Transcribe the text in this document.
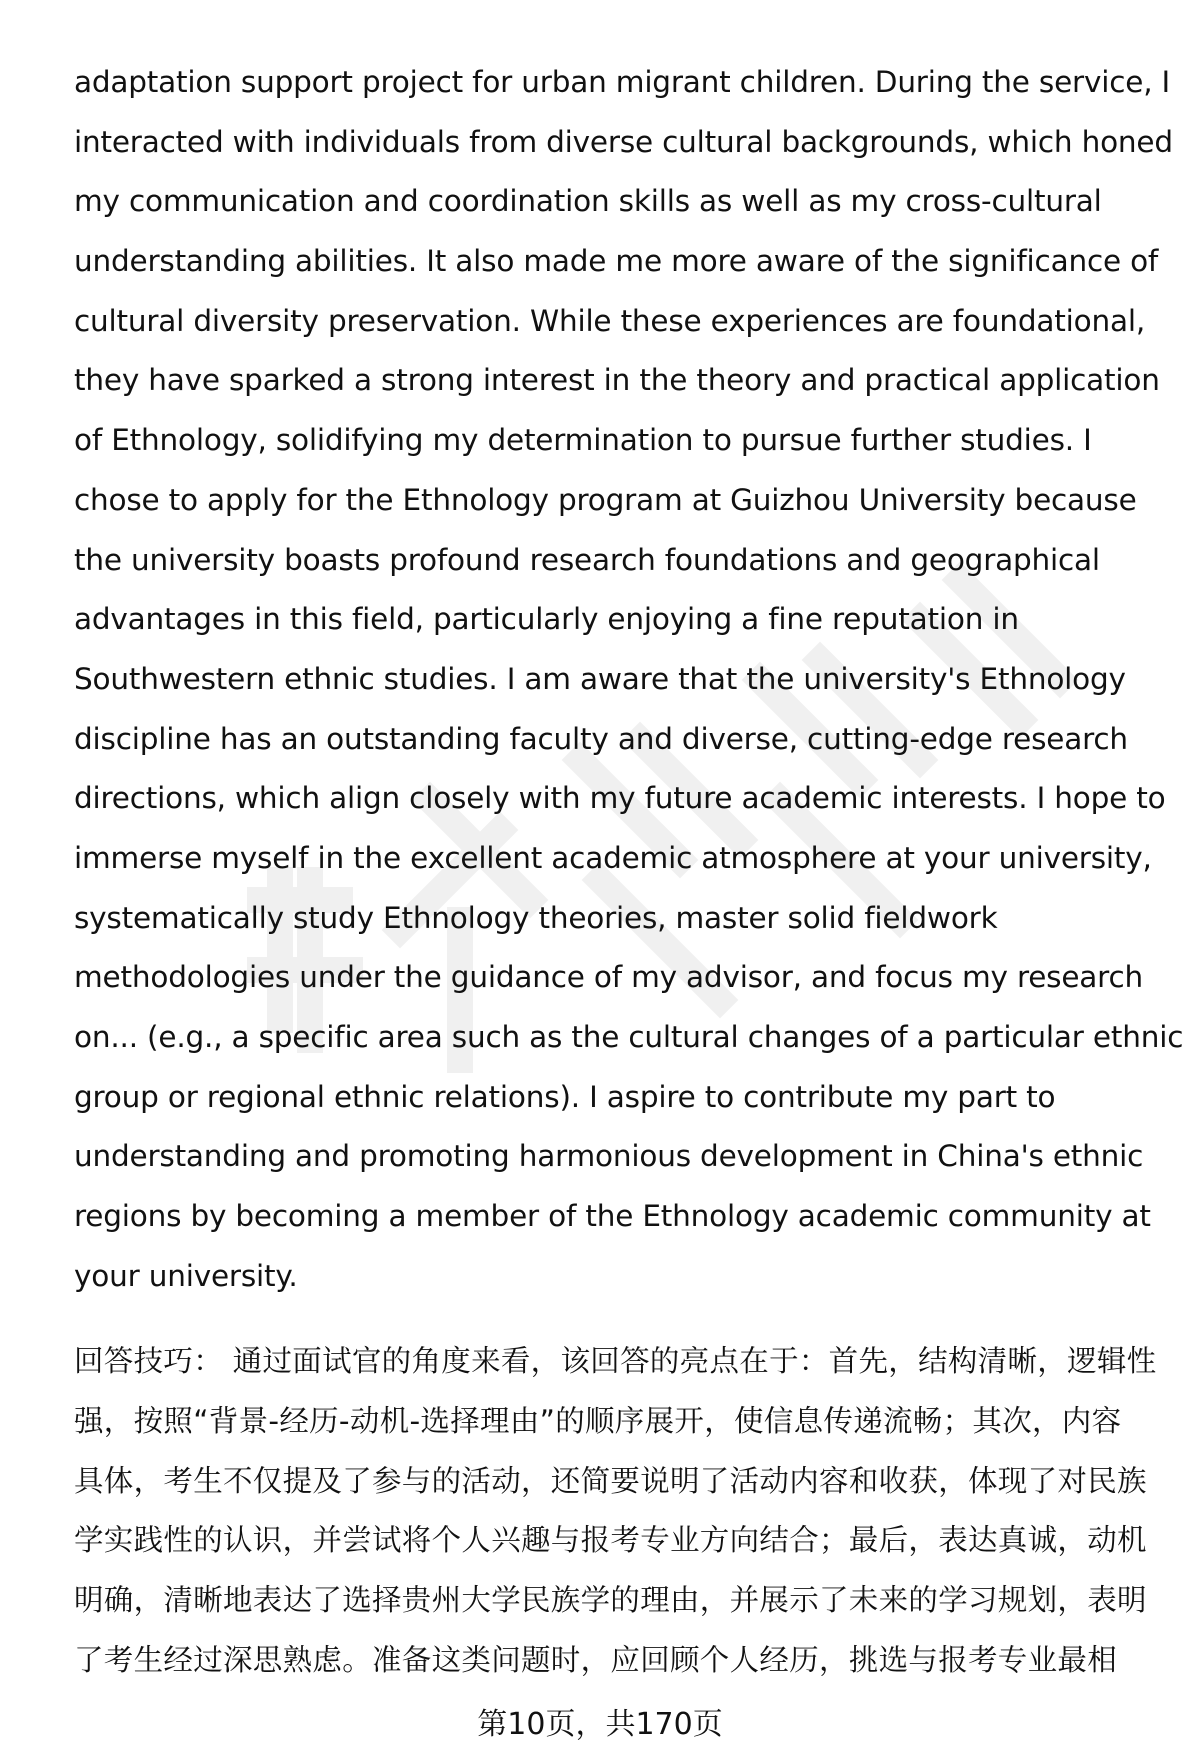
adaptation support project for urban migrant children. During the service, I
interacted with individuals from diverse cultural backgrounds, which honed
my communication and coordination skills as well as my cross-cultural
understanding abilities. It also made me more aware of the significance of
cultural diversity preservation. While these experiences are foundational,
they have sparked a strong interest in the theory and practical application
of Ethnology, solidifying my determination to pursue further studies. I
chose to apply for the Ethnology program at Guizhou University because
the university boasts profound research foundations and geographical
advantages in this field, particularly enjoying a fine reputation in
Southwestern ethnic studies. I am aware that the university's Ethnology
discipline has an outstanding faculty and diverse, cutting-edge research
directions, which align closely with my future academic interests. I hope to
immerse myself in the excellent academic atmosphere at your university,
systematically study Ethnology theories, master solid fieldwork
methodologies under the guidance of my advisor, and focus my research
on... (e.g., a specific area such as the cultural changes of a particular ethnic
group or regional ethnic relations). I aspire to contribute my part to
understanding and promoting harmonious development in China's ethnic
regions by becoming a member of the Ethnology academic community at
your university.
回答技巧： 通过面试官的角度来看，该回答的亮点在于：首先，结构清晰，逻辑性
强，按照“背景-经历-动机-选择理由”的顺序展开，使信息传递流畅；其次，内容
具体，考生不仅提及了参与的活动，还简要说明了活动内容和收获，体现了对民族
学实践性的认识，并尝试将个人兴趣与报考专业方向结合；最后，表达真诚，动机
明确，清晰地表达了选择贵州大学民族学的理由，并展示了未来的学习规划，表明
了考生经过深思熟虑。准备这类问题时，应回顾个人经历，挑选与报考专业最相
第10页，共170页
